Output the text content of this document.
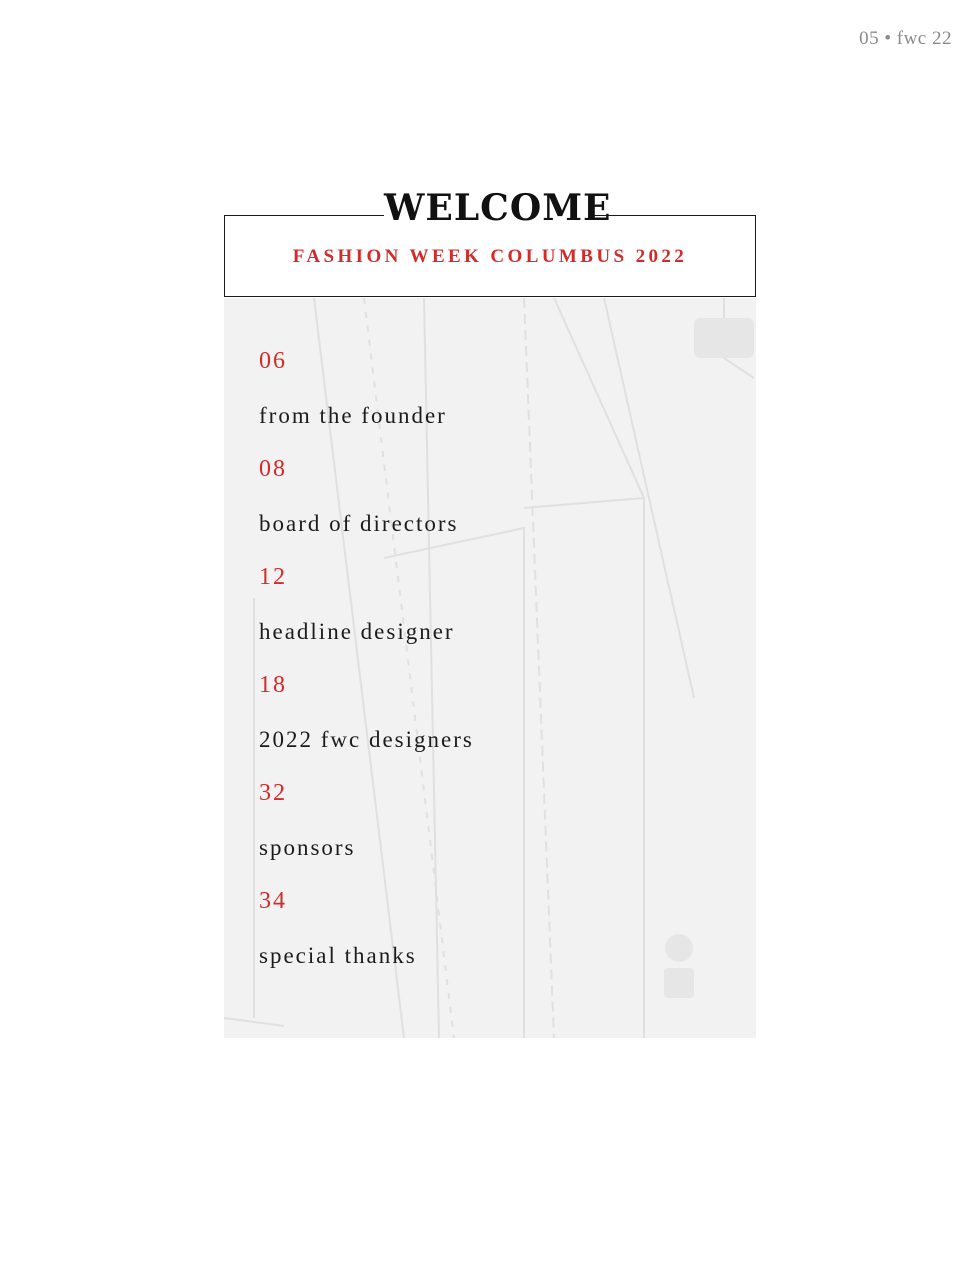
05 • fwc 22
WELCOME
FASHION WEEK COLUMBUS 2022
06
from the founder
08
board of directors
12
headline designer
18
2022 fwc designers
32
sponsors
34
special thanks
